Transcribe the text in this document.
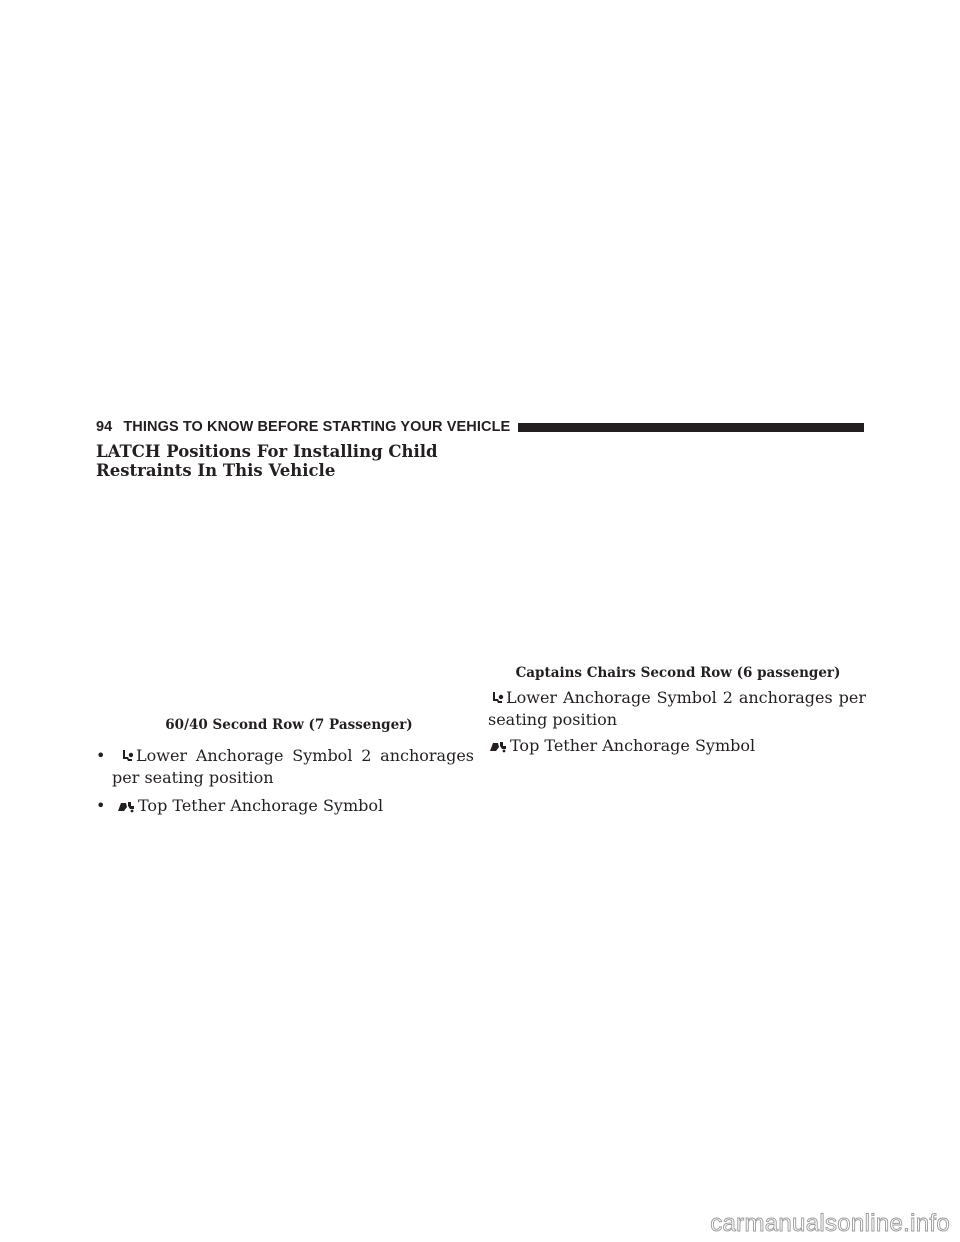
94 THINGS TO KNOW BEFORE STARTING YOUR VEHICLE
LATCH Positions For Installing Child Restraints In This Vehicle
60/40 Second Row (7 Passenger)
•	Lower Anchorage Symbol 2 anchorages per seating position
•	Top Tether Anchorage Symbol
Captains Chairs Second Row (6 passenger)

Lower Anchorage Symbol 2 anchorages per seating position

Top Tether Anchorage Symbol

carmanualsonline.info
